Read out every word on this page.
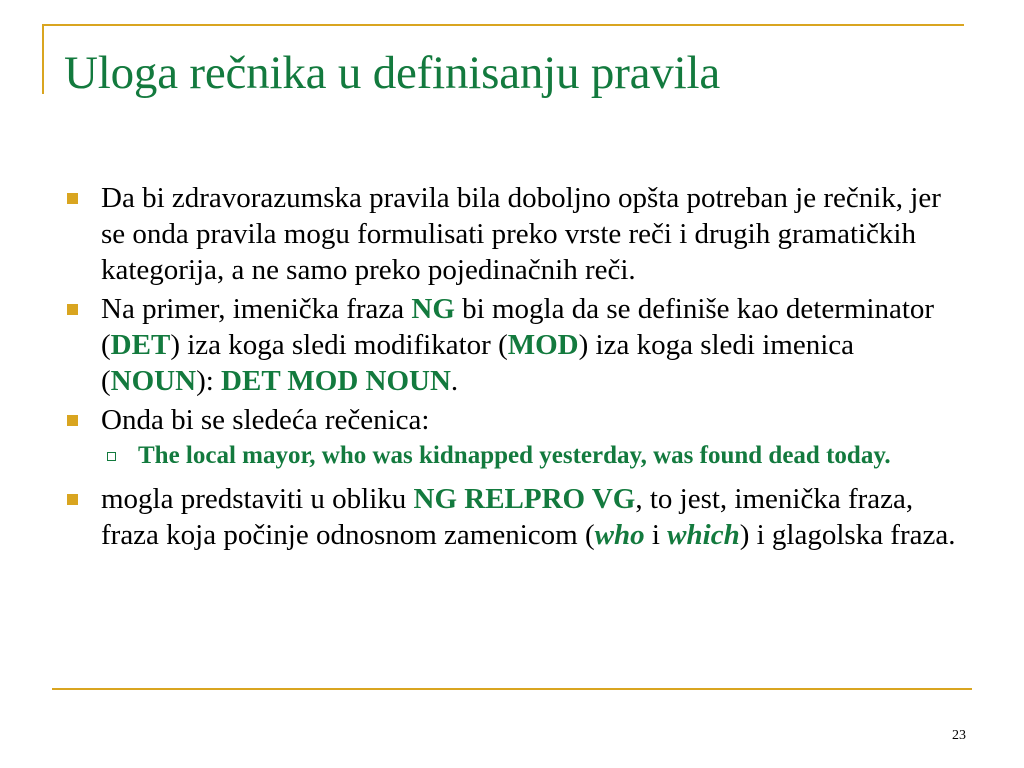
Uloga rečnika u definisanju pravila
Da bi zdravorazumska pravila bila doboljno opšta potreban je rečnik, jer se onda pravila mogu formulisati preko vrste reči i drugih gramatičkih kategorija, a ne samo preko pojedinačnih reči.
Na primer, imenička fraza NG bi mogla da se definiše kao determinator (DET) iza koga sledi modifikator (MOD) iza koga sledi imenica (NOUN): DET MOD NOUN.
Onda bi se sledeća rečenica:
The local mayor, who was kidnapped yesterday, was found dead today.
mogla predstaviti u obliku NG RELPRO VG, to jest, imenička fraza, fraza koja počinje odnosnom zamenicom (who i which) i glagolska fraza.
23
